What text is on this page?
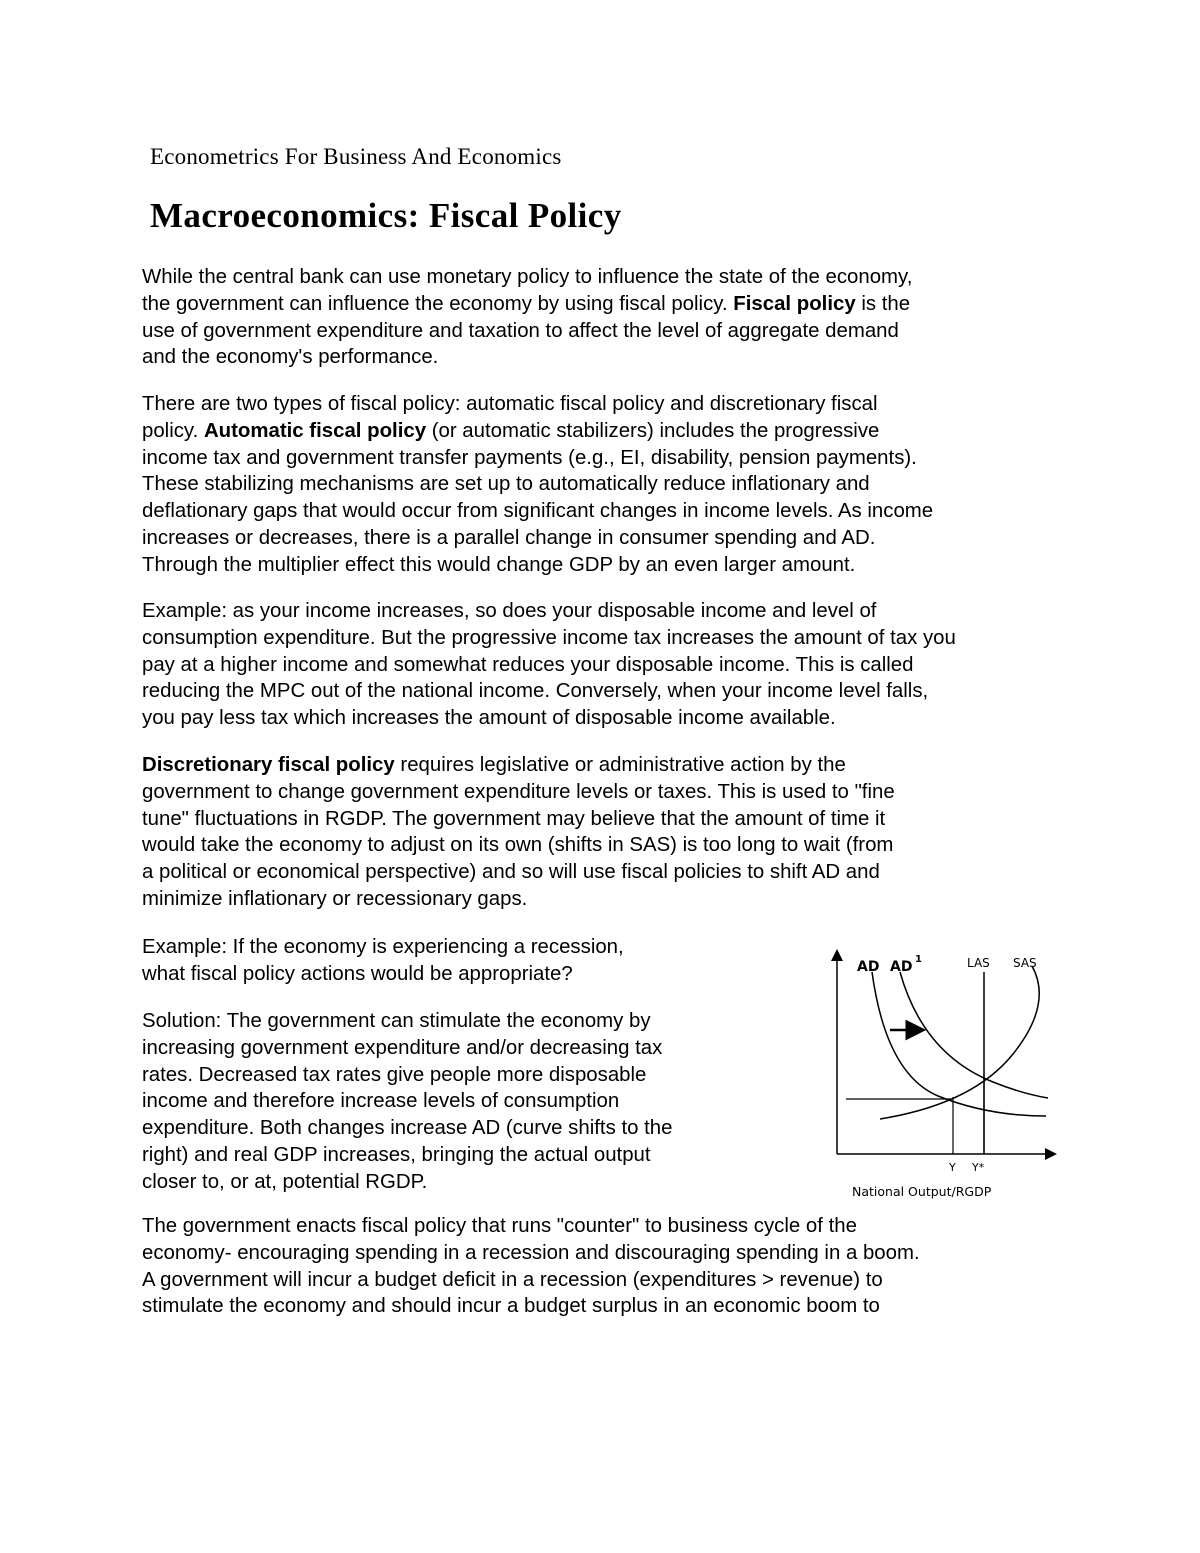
Econometrics For Business And Economics
Macroeconomics: Fiscal Policy

While the central bank can use monetary policy to influence the state of the economy,
the government can influence the economy by using fiscal policy. Fiscal policy is the
use of government expenditure and taxation to affect the level of aggregate demand
and the economy's performance.

There are two types of fiscal policy: automatic fiscal policy and discretionary fiscal
policy. Automatic fiscal policy (or automatic stabilizers) includes the progressive
income tax and government transfer payments (e.g., EI, disability, pension payments).
These stabilizing mechanisms are set up to automatically reduce inflationary and
deflationary gaps that would occur from significant changes in income levels. As income
increases or decreases, there is a parallel change in consumer spending and AD.
Through the multiplier effect this would change GDP by an even larger amount.

Example: as your income increases, so does your disposable income and level of
consumption expenditure. But the progressive income tax increases the amount of tax you
pay at a higher income and somewhat reduces your disposable income. This is called
reducing the MPC out of the national income. Conversely, when your income level falls,
you pay less tax which increases the amount of disposable income available.

Discretionary fiscal policy requires legislative or administrative action by the
government to change government expenditure levels or taxes. This is used to "fine
tune" fluctuations in RGDP. The government may believe that the amount of time it
would take the economy to adjust on its own (shifts in SAS) is too long to wait (from
a political or economical perspective) and so will use fiscal policies to shift AD and
minimize inflationary or recessionary gaps.

Example: If the economy is experiencing a recession,
what fiscal policy actions would be appropriate?

Solution: The government can stimulate the economy by
increasing government expenditure and/or decreasing tax
rates. Decreased tax rates give people more disposable
income and therefore increase levels of consumption
expenditure. Both changes increase AD (curve shifts to the
right) and real GDP increases, bringing the actual output
closer to, or at, potential RGDP.

AD AD 1	LAS SAS
Y Y*
National Output/RGDP

The government enacts fiscal policy that runs "counter" to business cycle of the
economy- encouraging spending in a recession and discouraging spending in a boom.
A government will incur a budget deficit in a recession (expenditures > revenue) to
stimulate the economy and should incur a budget surplus in an economic boom to
